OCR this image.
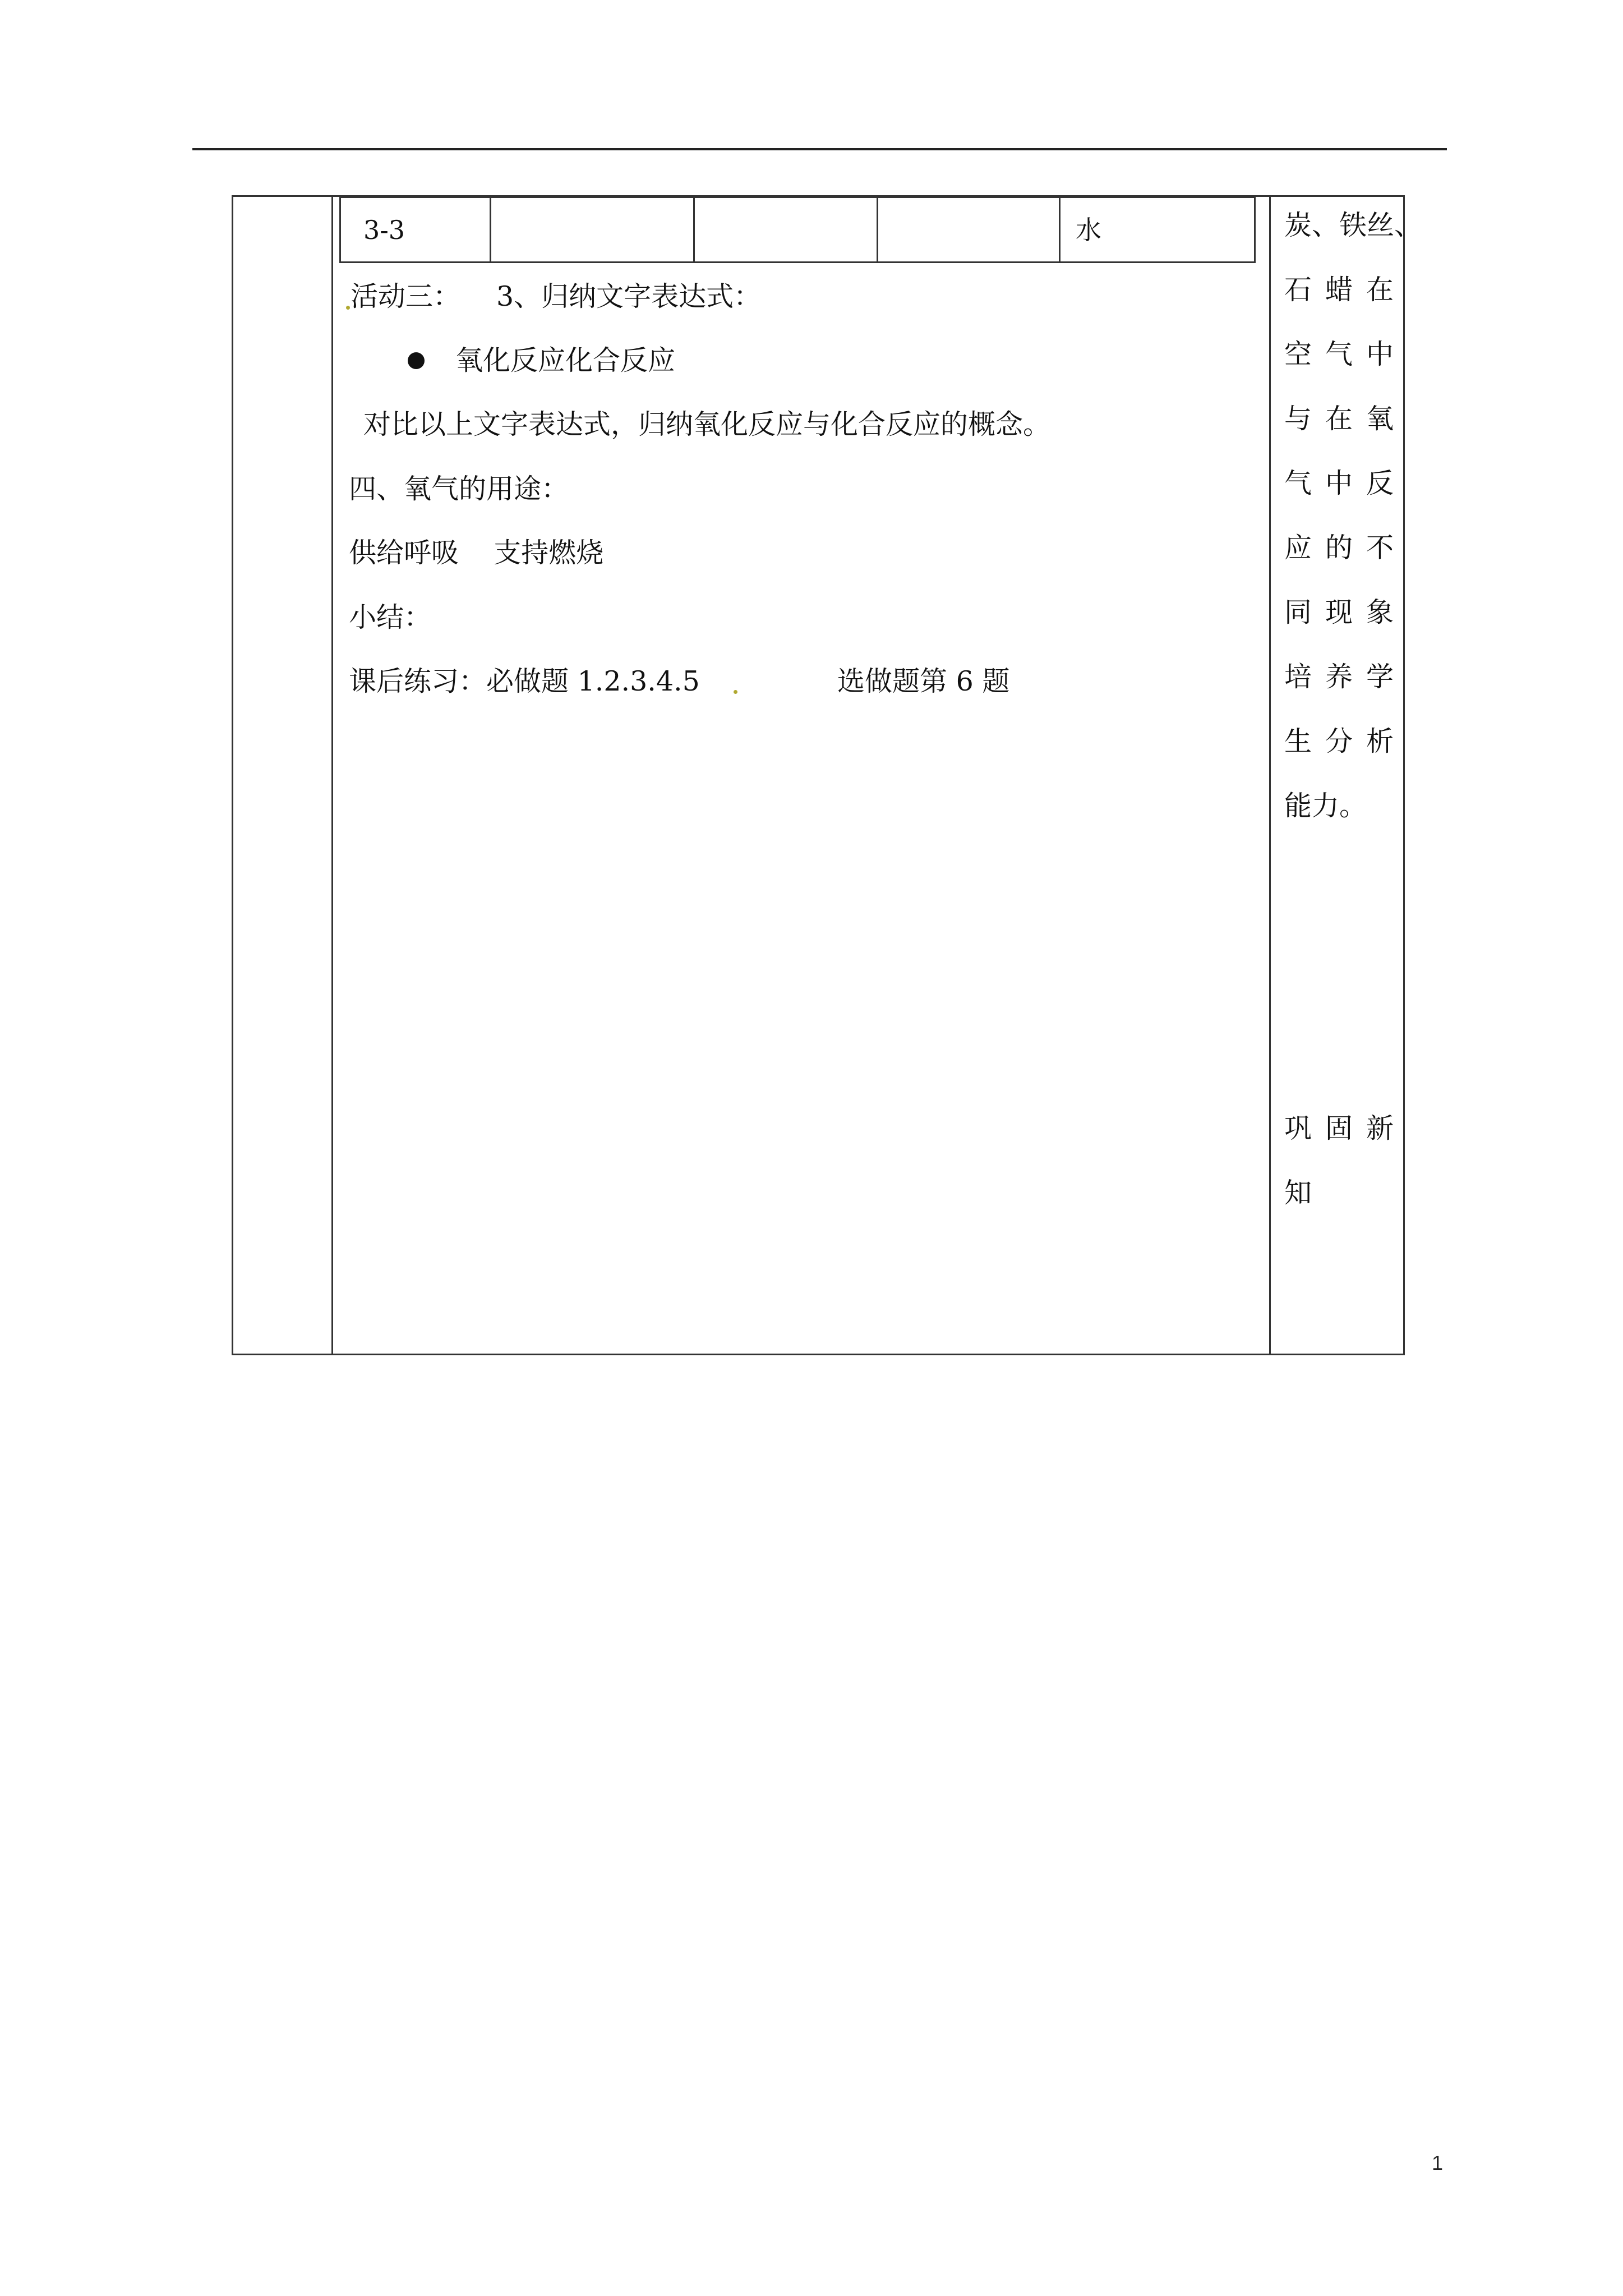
3-3	水
活动三： 3、归纳文字表达式：
氧化反应化合反应
对比以上文字表达式，归纳氧化反应与化合反应的概念。
四、氧气的用途：
供给呼吸    支持燃烧
小结：
课后练习：必做题 1.2.3.4.5	选做题第 6 题
炭、铁丝、
石 蜡 在
空 气 中
与 在 氧
气 中 反
应 的 不
同 现 象
培 养 学
生 分 析
能力。
巩 固 新
知
1
